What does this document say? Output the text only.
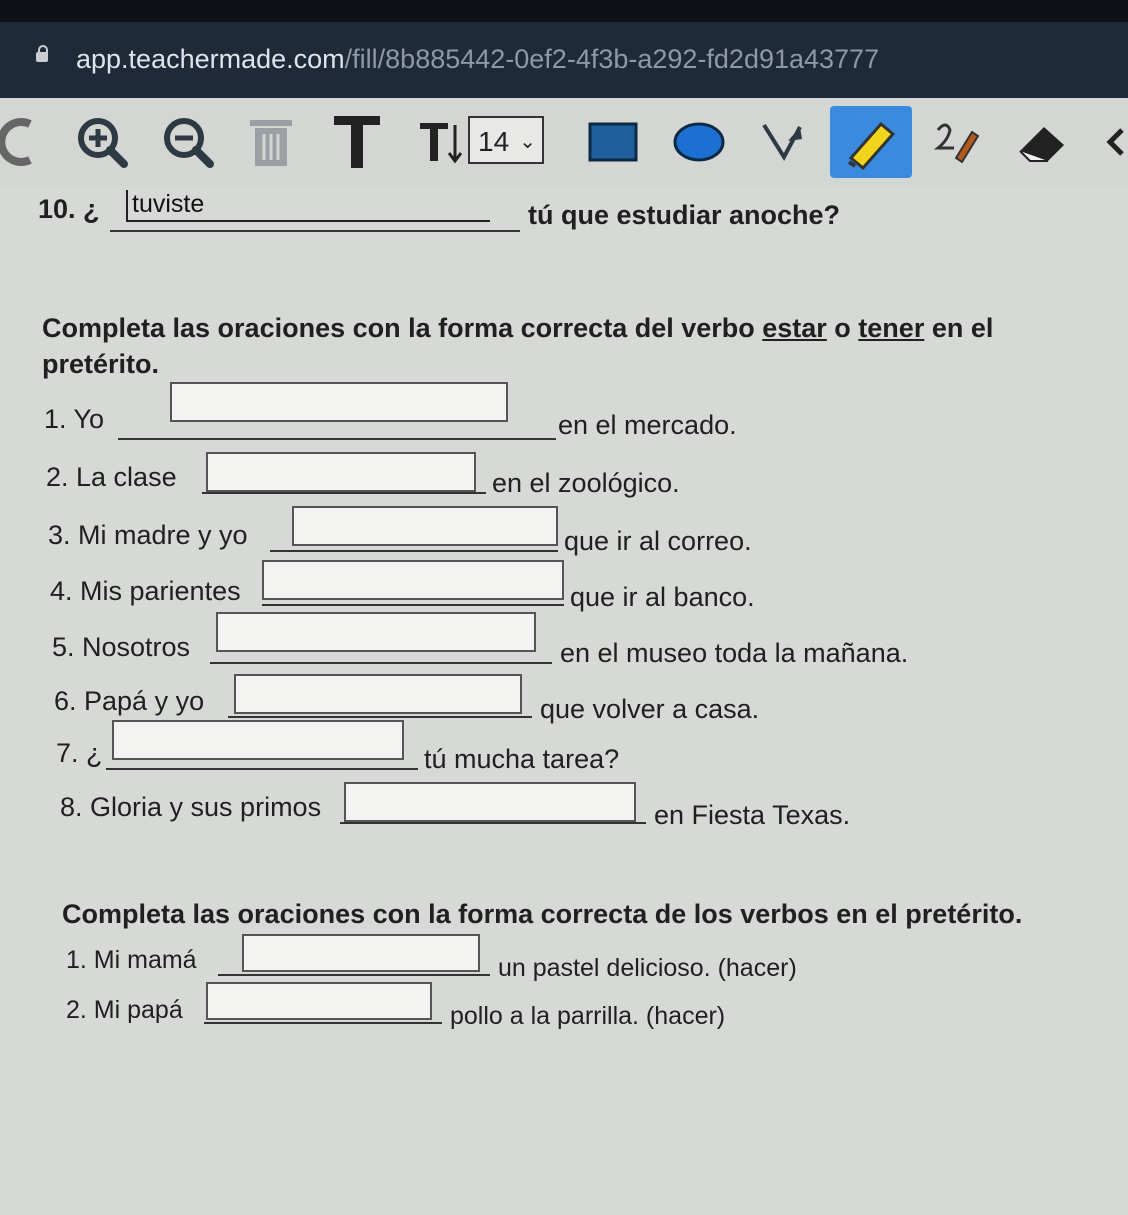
app.teachermade.com/fill/8b885442-0ef2-4f3b-a292-fd2d91a43777
14 ⌄
10. ¿ tuviste	tú que estudiar anoche?
Completa las oraciones con la forma correcta del verbo estar o tener en el
pretérito.
1. Yo	en el mercado.
2. La clase	en el zoológico.
3. Mi madre y yo	que ir al correo.
4. Mis parientes	que ir al banco.
5. Nosotros	en el museo toda la mañana.
6. Papá y yo	que volver a casa.
7. ¿	tú mucha tarea?
8. Gloria y sus primos	en Fiesta Texas.
Completa las oraciones con la forma correcta de los verbos en el pretérito.
1. Mi mamá	un pastel delicioso. (hacer)
2. Mi papá	pollo a la parrilla. (hacer)
